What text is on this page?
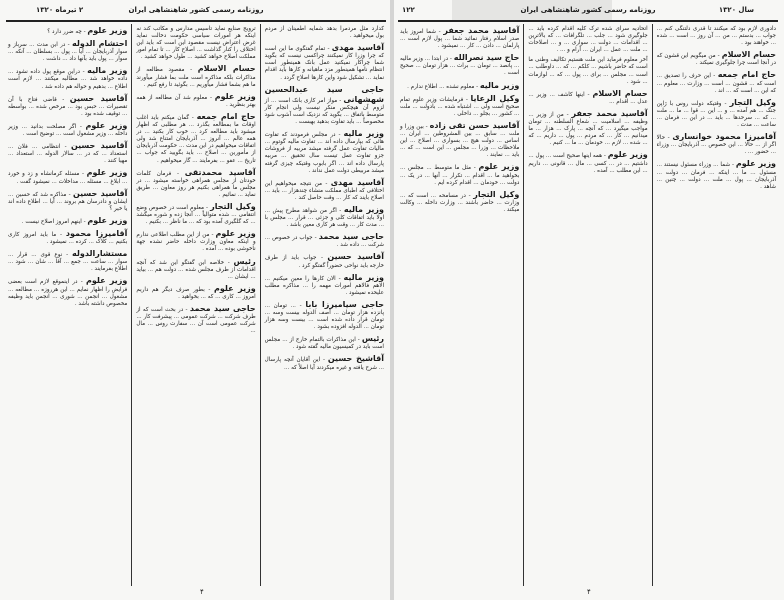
۲ تیرماه ۱۳۲۰	روزنامه رسمی کشور شاهنشاهی ایران
کدارد مثل مردمرا بدهد شمایه اطمینان از مردم بول میخواهید .
آقاسید مهدی - تمام گفتگوی ما این است که چرا وزرا کار نمیکنند چراکسی نیست که بگوید شما چراکار نمیکنید عمل بانک همینطور است انتظام نامها همینطور مزد ماهیانه و کارها باید اقدام نماید ... تشکیل شود واین کارها اصلاح گردد .
حاجی سید عبدالحسین شهشهانی - مواز امر کاری بانک است ... از لزوم آن هیچکس منکر نیست ولی انجام کار متوسط باتفاق ... بگوید که نزدیک است آشوب شود مخصوصاً ... باید تفاوت بدهید بهبست .
وزیر مالیه - در مجلس فرمودند که تفاوت هائی که بپارسال داده اند ... تفاوت مالیه گوتوم ... مالیات تفاوت عمل گرفته میشد مربیه از فروشات جزو تفاوت عمل تیست سال تحقیق ... مربیه پارسال داده اند ... اگر بابوب وقتیکه چیزی گرفته میشد مربیطی دولت عمل نداند .
آقاسید مهدی - من نتیجه میخواهیم این اختلافی که اطبای مملکت منشاء چندهزار ... باید ... اصلاح بایند که کار ... وقت حاصل کند .
وزیر مالیه - اگر من شواهد مطرح پیش ... اولا باید اتفاقات کلی و جزئی ... قرار ... مجلس با ... مدت کار ... وقت هر کاری معین باشد .
حاجی سید محمد - جواب در خصوص ... شرکت ... داده شد .
آقاسید حسین - جواب باید از طرف خارجه باید نواحی حضوراً گفتگو کرد .
وزیر مالیه - الان کارها را معین میکنیم ... الاهم فالاهم امورات مهمه را ... مذاکره مطلب علیحده نمیشود .
حاجی سیامیرزا بابا - ... تومان ... پانزده هزار تومان ... آصف الدوله بیست وسه ... تومان قرار داده شده است ... بیست وسه هزار تومان ... الدوله افزوده بشود .
رئیس - این مذاکرات بالتمام خارج از ... مجلس است باید در کمیسیون مالیه گفته شود .
آقاشیخ حسین - این آقایان آنچه پارسال ... شرح یافته و غیره میکردند آیا اصلاً که ...
ترویج صنایع نماید تاسیس مدارس و مکاتب کند نه اینکه هر امورات سیاسی حکومت دخالت نماید غرض اعتراض نیست مقصود این است که باید این اختلاف را کنار گذاشت ... اصلاح کار ... تا تمام امور مملکت اصلاح خواهد کشید ... طول خواهد کشید .
حسام الاسلام - مقصود مطالعه از مذاکرات بلکه مذاکره است ملت بما فشار میآورند ما هم بشما فشار میآوریم ... بگوئید تا رفع کنیم .
وزیر علوم - معلوم شد آن مطالعه از همه بهتر بنظرید .
حاج امام جمعه - گمان میکنم باید اغلب اوقات ما بمطالعه بگذرد ... هر مطلبی که اظهار میشود باید مطالعه کرد ... خوب کار بکنید ... در همه عالم ... آنروز ... آذربایجان امتناع شد ولی اتفاقات میخواهیم در این مدت ... حکومت آذربایجان از مأمورین ... اصلاح ... باید بگویید که جواب ... تاریخ ... عفو ... بفرمایند ... گار میخواهیم .
آقاسید محمدتقی - فرمان کلمات خودتان از مجلس همراهی خواسته میشود ... در مجلس ما همراهی بکنیم هر روز معاون ... طریق نماید ... نمائیم .
وکیل التجار - معلوم است در خصوص وضع انتقامی ... شده متوالیاً ... آنجا زده و شوره میگشد ... که گلگیری آمده بود که ... ما ناظر ... بکنیم .
وزیر علوم - من از این مطلب اطلاعی ندارم و اینکه معاون وزارت داخله حاضر نشده جهة ناخوشی بوده ... آمده .
رئیس - خلاصه این گفتگو این شد که آنچه اقدامات از طرف مجلس شده ... دولت هم ... بیاید ... ایشان ...
وزیر علوم - بطور صرف دیگر هم داریم امروز ... کاری ... که ... بخواهید .
حاجی سید محمد - در بحث است که از طرف شرکت ... شرکت عمومی ... پیشرفت کار ... شرکت عمومی است آن ... سفارت روس ... مال ...
وزیر علوم - چه ضرر دارد ؟
احتشام الدوله - در این مدت ... سرباز و سوار آذربایجان ... آیا ... پول ... بسلطان ... آنکه ... سوار ... پول باید بآنها داد ... داشت .
وزیر مالیه - دراین موقع پول داده نشود ... داده خواهد شد ... مطالبه میکنند ... لازم است اطلاع ... بدهیم و حواله هم داده شد .
آقاسید حسین - قاضی فتاح با آن تقصیرات ... حبس بود ... مرخص شده ... بواسطه ... توقیف شده بود .
وزیر علوم - اگر مصلحت بدانید ... وزیر داخله ... وزیر مشغول است ... توضیح است .
آقاسید حسین - انتظامی ... فلان ... استعداد ... که در ... سالار الدوله ... استعداد ... مهیا کنند .
وزیر علوم - مسئله کرمانشاه و زد و خورد ... ابلاغ ... مسئله ... مداخلات ... نمیشود گفت .
آقاسید حسین - مذاکره شد که حسین ... ایشان و دادرسان هم بروند ... آیا ... اطلاع داده اند یا خیر ؟
وزیر علوم - اینهم امروز اصلاح نیست .
آقامیرزا محمود - ما باید امروز کاری بکنیم ... کلاک ... کرده ... نمیشود .
مستشارالدوله - نوع قوی ... قرار ... سوار ... ساعت ... جمع ... آقا ... شان ... شود ... اطلاع بفرمایند .
وزیر علوم - در اینموقع لازم است بعضی فرایض را اظهار نمایم ... این هرروزه ... مطالعه ... مشغول ... انجمن ... شوری ... انجمن باید وظیفه مخصوص داشته باشد .
۴
۱۲۲	روزنامه رسمی کشور شاهنشاهی ایران	سال ۱۳۲۰
دادوری لازم بود که میکنند تا قدری دلتنگی کنم ... جواب ... بدستم ... من ... آن روز ... است ... شده ... خواهند بود .
حسام الاسلام - من میگویم این قشون که در آنجا است چرا جلوگیری نمیکند .
حاج امام جمعه - این حرف را تصدیق ... است که ... قشون ... است ... وزارت ... معلوم ... که این ... است که ... اند .
وکیل التجار - وقتیکه دولت روس با ژاپن جنگ ... هم آمده ... و ... این ... قوا ... ما ... ملت ... که ... سرحدها ... باید ... در این ... فرمان ... ساعت ... مدت .
آقامیرزا محمود خوانساری - حالا اگر از ... حالا ... این خصوص ... آذربایجان ... وزراء ... حضور ... .
وزیر علوم - شما ... وزراء مسئول نیستند ... مسئول ... ما ... اینکه ... فرمان ... دولت ... آذربایجان ... پول ... ملت ... دولت ... چنین ... شاهد .
اتحادیه سرای شده ترک کلیه اقدام کرده باید ... جلوگیری شود ... جلب ... تلگرافات ... که بالاترین ... اقدامات ... دولت ... سواری ... و ... اصلاحات ... ملت ... عمل ... ایران ... آرام و ... .
آخر معلوم فرماید این ملت هستیم تکالیف وطنی ما است که حاضر باشیم ... کلکم ... که ... داوطلب ... است ... مجلس ... برای ... پول ... که ... لوازمات ... شود .
حسام الاسلام - اینها کاشف ... وزیر ... عدل ... اقدام ...
آقاسید محمد جعفر - من از وزیر ... وظیفه ... اسلامیت ... شعاع السلطنه ... تومان مواجب میگیرد ... که آنچه ... پارک ... هزار ... ما میدانیم ... کار ... که مردم ... پول ... داریم ... که ... شده ... لازم ... خودمان ... ما ... کنیم .
وزیر علوم - همه اینها صحیح است ... پول ... داشتیم ... در ... کسی ... مال ... قانونی ... داریم ... این مطلب ... آمده .
آقاسید محمد جعفر - شما امروز باید صدر اسلام رفتار نمائید شما ... پول لازم است ... پارلمان ... دادن ... کار ... نمیشود .
حاج سید نصرالله - در ابتدا ... وزیر مالیه ... پانصد ... تومان ... برات ... هزار تومان ... صحیح است .
وزیر مالیه - معلوم نشده ... اطلاع ندارم .
وکیل الرعایا - فرمایشات وزیر علوم تمام صحیح است ولی ... اشتباه شده ... بادولت ... ملت ... کشور ... بجلو ... داخلی .
آقاسید حسن تقی زاده - بین وزرا و ملت ... سابق ... بین المشروطین ... ایران ... اساس ... دولت هیچ ... بسواری ... اصلاح ... این ملاحظات ... وزرا ... مجلس ... این است ... که ... باید ... نمایند .
وزیر علوم - مثل ما متوسط ... مجلس ... بخواهید ما ... اقدام ... تکرار ... آنها ... در یک ... دولت ... خودمان ... اقدام کرده ایم .
وکیل التجار - در مسامحه ... است که ... وزارت ... حاضر باشند ... وزارت داخله ... وکالت میکند .
۴
